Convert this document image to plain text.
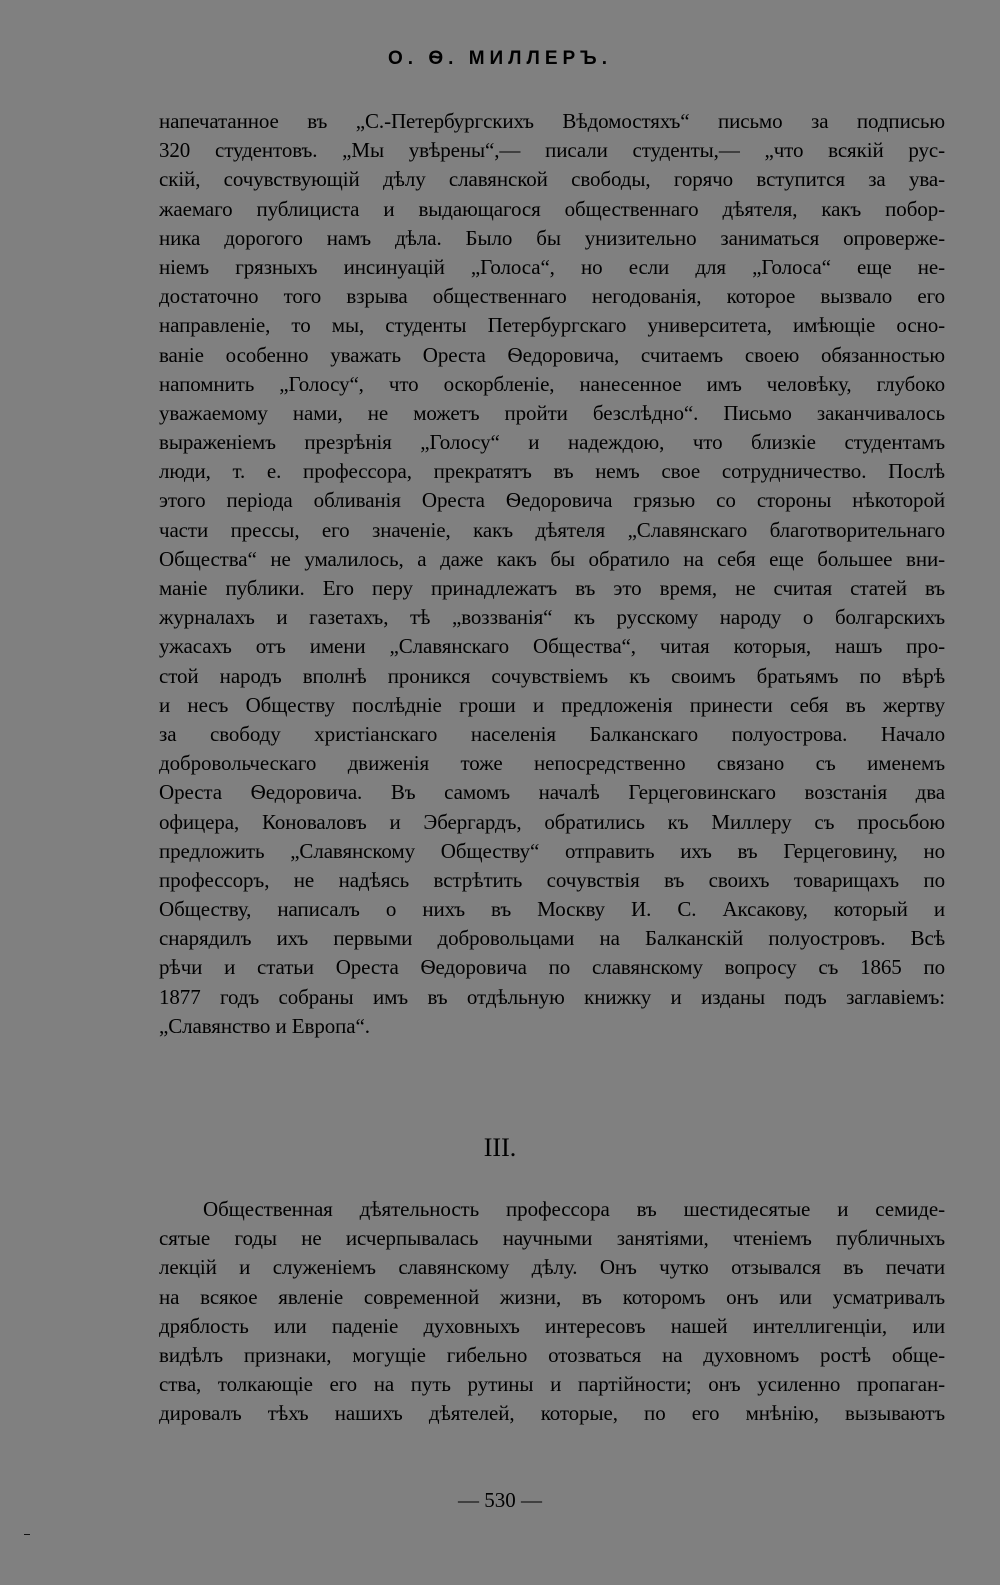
О. Ѳ. МИЛЛЕРЪ.
напечатанное въ „С.-Петербургскихъ Вѣдомостяхъ“ письмо за подписью
320 студентовъ. „Мы увѣрены“,— писали студенты,— „что всякій рус-
скій, сочувствующій дѣлу славянской свободы, горячо вступится за ува-
жаемаго публициста и выдающагося общественнаго дѣятеля, какъ побор-
ника дорогого намъ дѣла. Было бы унизительно заниматься опроверже-
ніемъ грязныхъ инсинуацій „Голоса“, но если для „Голоса“ еще не-
достаточно того взрыва общественнаго негодованія, которое вызвало его
направленіе, то мы, студенты Петербургскаго университета, имѣющіе осно-
ваніе особенно уважать Ореста Ѳедоровича, считаемъ своею обязанностью
напомнить „Голосу“, что оскорбленіе, нанесенное имъ человѣку, глубоко
уважаемому нами, не можетъ пройти безслѣдно“. Письмо заканчивалось
выраженіемъ презрѣнія „Голосу“ и надеждою, что близкіе студентамъ
люди, т. е. профессора, прекратятъ въ немъ свое сотрудничество. Послѣ
этого періода обливанія Ореста Ѳедоровича грязью со стороны нѣкоторой
части прессы, его значеніе, какъ дѣятеля „Славянскаго благотворительнаго
Общества“ не умалилось, а даже какъ бы обратило на себя еще большее вни-
маніе публики. Его перу принадлежатъ въ это время, не считая статей въ
журналахъ и газетахъ, тѣ „воззванія“ къ русскому народу о болгарскихъ
ужасахъ отъ имени „Славянскаго Общества“, читая которыя, нашъ про-
стой народъ вполнѣ проникся сочувствіемъ къ своимъ братьямъ по вѣрѣ
и несъ Обществу послѣдніе гроши и предложенія принести себя въ жертву
за свободу христіанскаго населенія Балканскаго полуострова. Начало
добровольческаго движенія тоже непосредственно связано съ именемъ
Ореста Ѳедоровича. Въ самомъ началѣ Герцеговинскаго возстанія два
офицера, Коноваловъ и Эбергардъ, обратились къ Миллеру съ просьбою
предложить „Славянскому Обществу“ отправить ихъ въ Герцеговину, но
профессоръ, не надѣясь встрѣтить сочувствія въ своихъ товарищахъ по
Обществу, написалъ о нихъ въ Москву И. С. Аксакову, который и
снарядилъ ихъ первыми добровольцами на Балканскій полуостровъ. Всѣ
рѣчи и статьи Ореста Ѳедоровича по славянскому вопросу съ 1865 по
1877 годъ собраны имъ въ отдѣльную книжку и изданы подъ заглавіемъ:
„Славянство и Европа“.
III.
Общественная дѣятельность профессора въ шестидесятые и семиде-
сятые годы не исчерпывалась научными занятіями, чтеніемъ публичныхъ
лекцій и служеніемъ славянскому дѣлу. Онъ чутко отзывался въ печати
на всякое явленіе современной жизни, въ которомъ онъ или усматривалъ
дряблость или паденіе духовныхъ интересовъ нашей интеллигенціи, или
видѣлъ признаки, могущіе гибельно отозваться на духовномъ ростѣ обще-
ства, толкающіе его на путь рутины и партійности; онъ усиленно пропаган-
дировалъ тѣхъ нашихъ дѣятелей, которые, по его мнѣнію, вызываютъ
— 530 —
